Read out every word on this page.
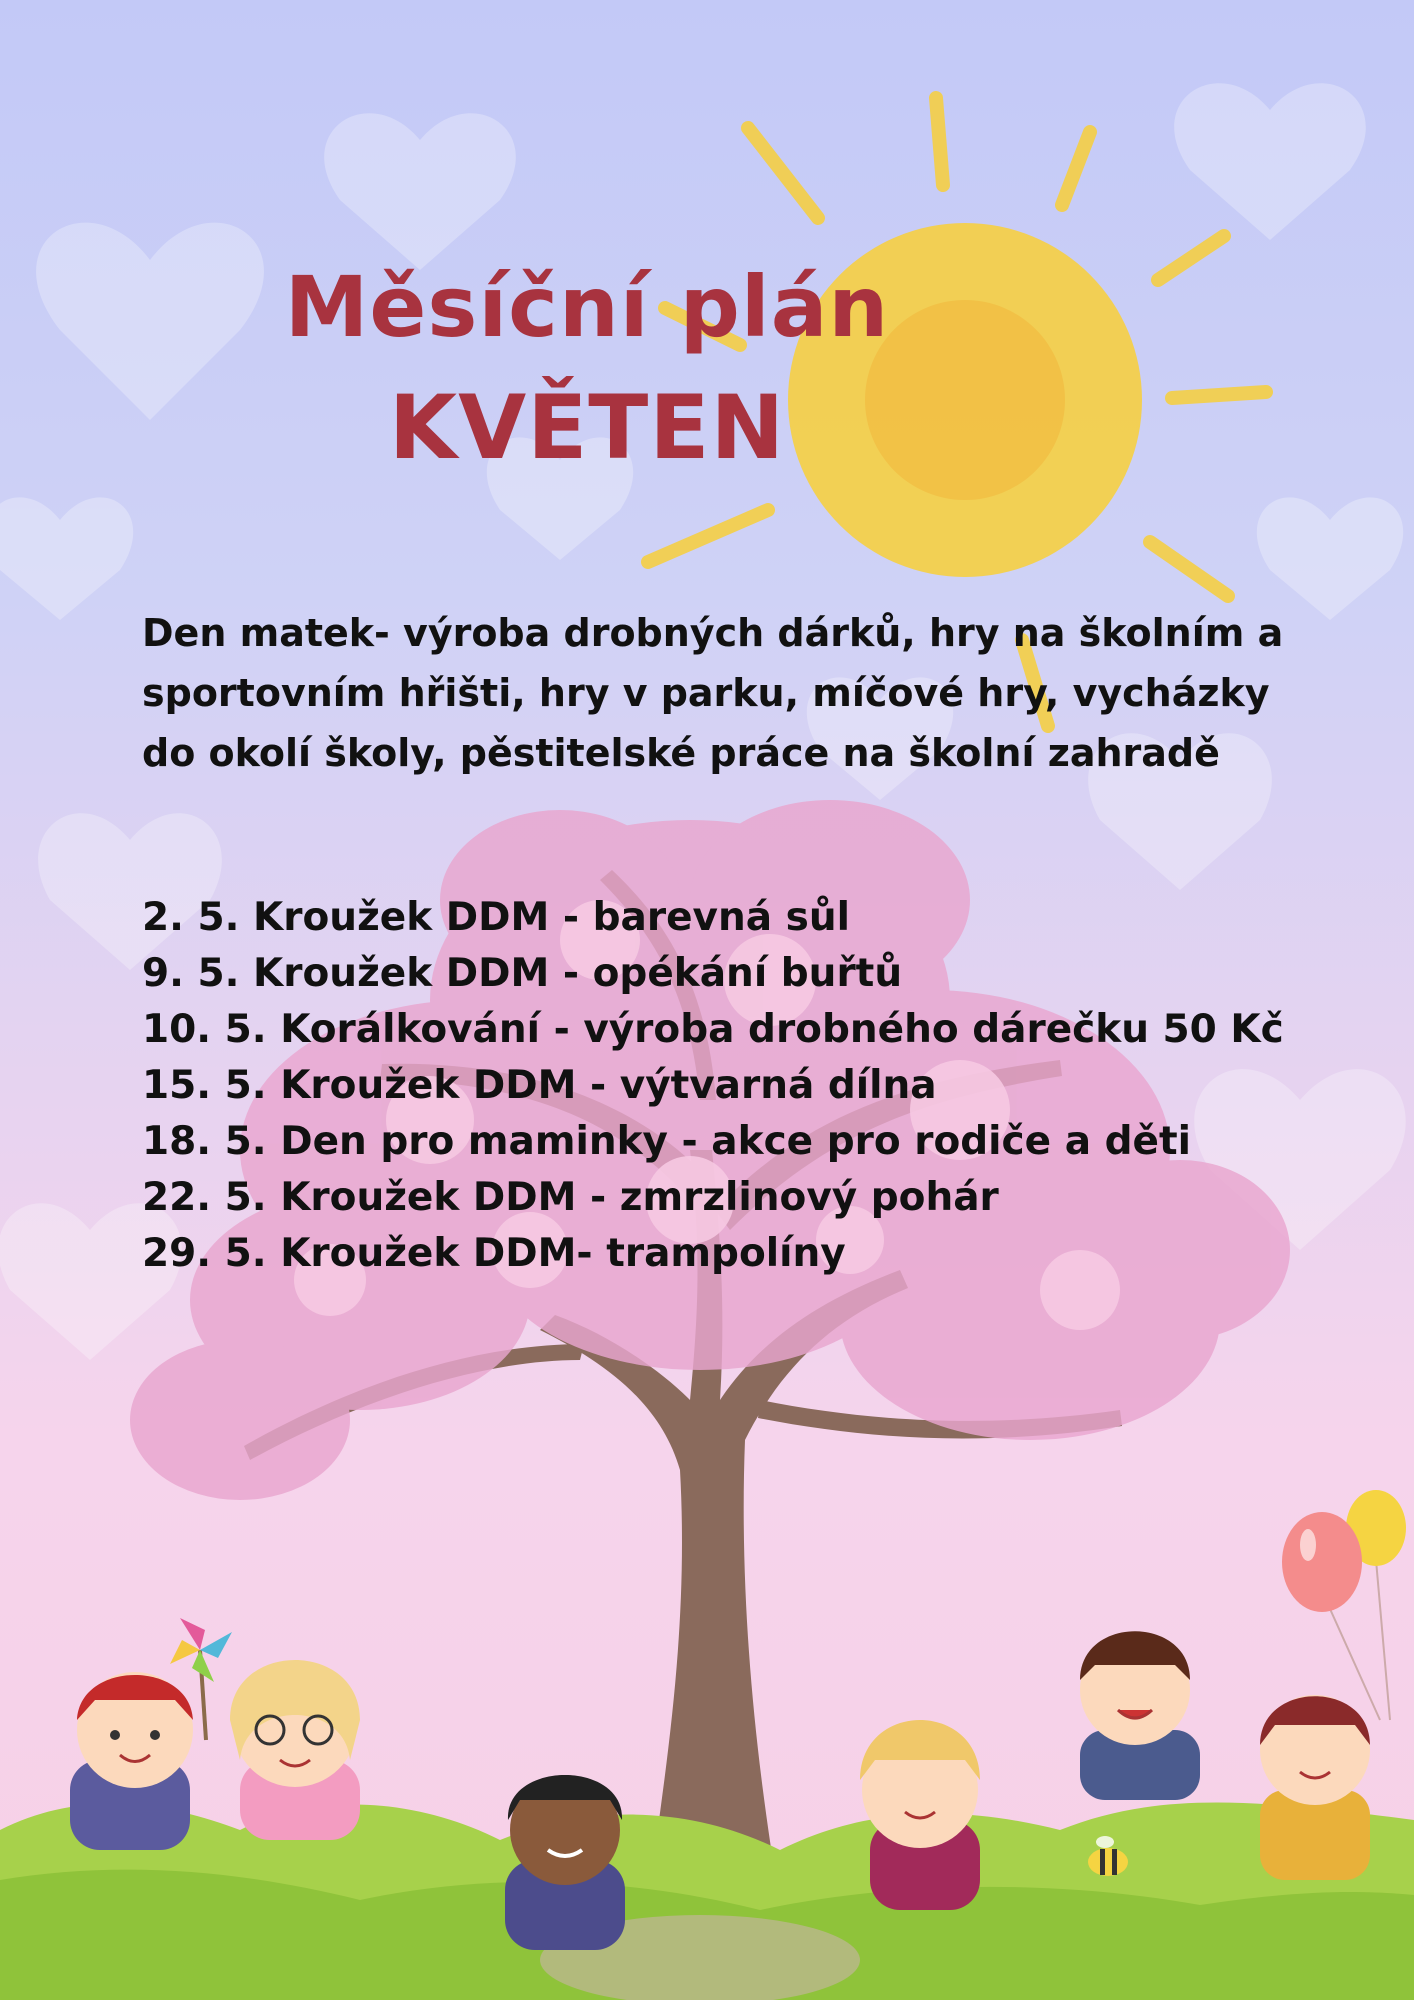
Měsíční plán
KVĚTEN
Den matek- výroba drobných dárků, hry na školním a sportovním hřišti, hry v parku, míčové hry, vycházky do okolí školy, pěstitelské práce na školní zahradě
2. 5. Kroužek DDM - barevná sůl
9. 5. Kroužek DDM - opékání buřtů
10. 5. Korálkování - výroba drobného dárečku 50 Kč
15. 5. Kroužek DDM - výtvarná dílna
18. 5. Den pro maminky - akce pro rodiče a děti
22. 5. Kroužek DDM - zmrzlinový pohár
29. 5. Kroužek DDM- trampolíny
